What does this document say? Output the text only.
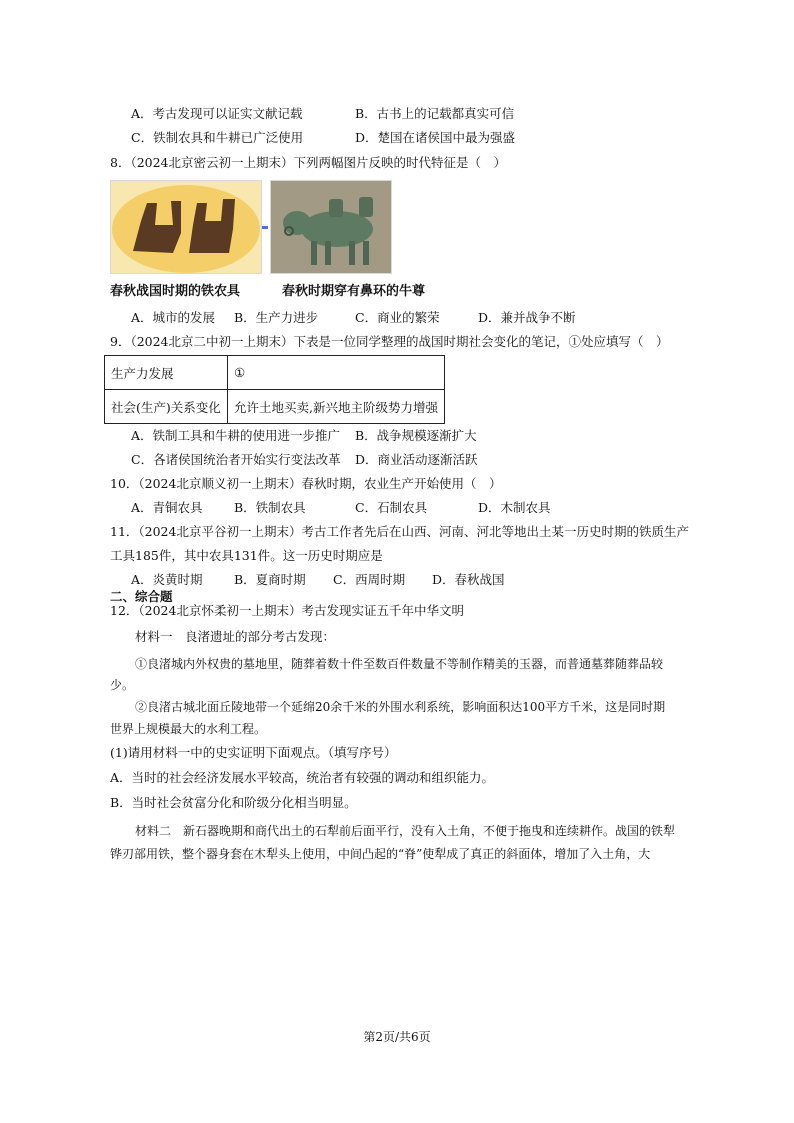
A．考古发现可以证实文献记载	B．古书上的记载都真实可信
C．铁制农具和牛耕已广泛使用	D．楚国在诸侯国中最为强盛
8．（2024北京密云初一上期末）下列两幅图片反映的时代特征是（　）
春秋战国时期的铁农具	春秋时期穿有鼻环的牛尊
A．城市的发展 B．生产力进步	C．商业的繁荣	D．兼并战争不断
9．（2024北京二中初一上期末）下表是一位同学整理的战国时期社会变化的笔记，①处应填写（　）
生产力发展	①
社会(生产)关系变化	允许土地买卖,新兴地主阶级势力增强
A．铁制工具和牛耕的使用进一步推广 B．战争规模逐渐扩大
C．各诸侯国统治者开始实行变法改革 D．商业活动逐渐活跃
10．（2024北京顺义初一上期末）春秋时期，农业生产开始使用（　）
A．青铜农具	B．铁制农具	C．石制农具	D．木制农具
11．（2024北京平谷初一上期末）考古工作者先后在山西、河南、河北等地出土某一历史时期的铁质生产
工具185件，其中农具131件。这一历史时期应是
A．炎黄时期	B．夏商时期 C．西周时期 D．春秋战国
二、综合题
12．（2024北京怀柔初一上期末）考古发现实证五千年中华文明
材料一　良渚遗址的部分考古发现：
①良渚城内外权贵的墓地里，随葬着数十件至数百件数量不等制作精美的玉器，而普通墓葬随葬品较
少。
②良渚古城北面丘陵地带一个延绵20余千米的外围水利系统，影响面积达100平方千米，这是同时期
世界上规模最大的水利工程。
(1)请用材料一中的史实证明下面观点。（填写序号）
A．当时的社会经济发展水平较高，统治者有较强的调动和组织能力。
B．当时社会贫富分化和阶级分化相当明显。
材料二　新石器晚期和商代出土的石犁前后面平行，没有入土角，不便于拖曳和连续耕作。战国的铁犁
铧刃部用铁，整个器身套在木犁头上使用，中间凸起的“脊”使犁成了真正的斜面体，增加了入土角，大
第2页/共6页
